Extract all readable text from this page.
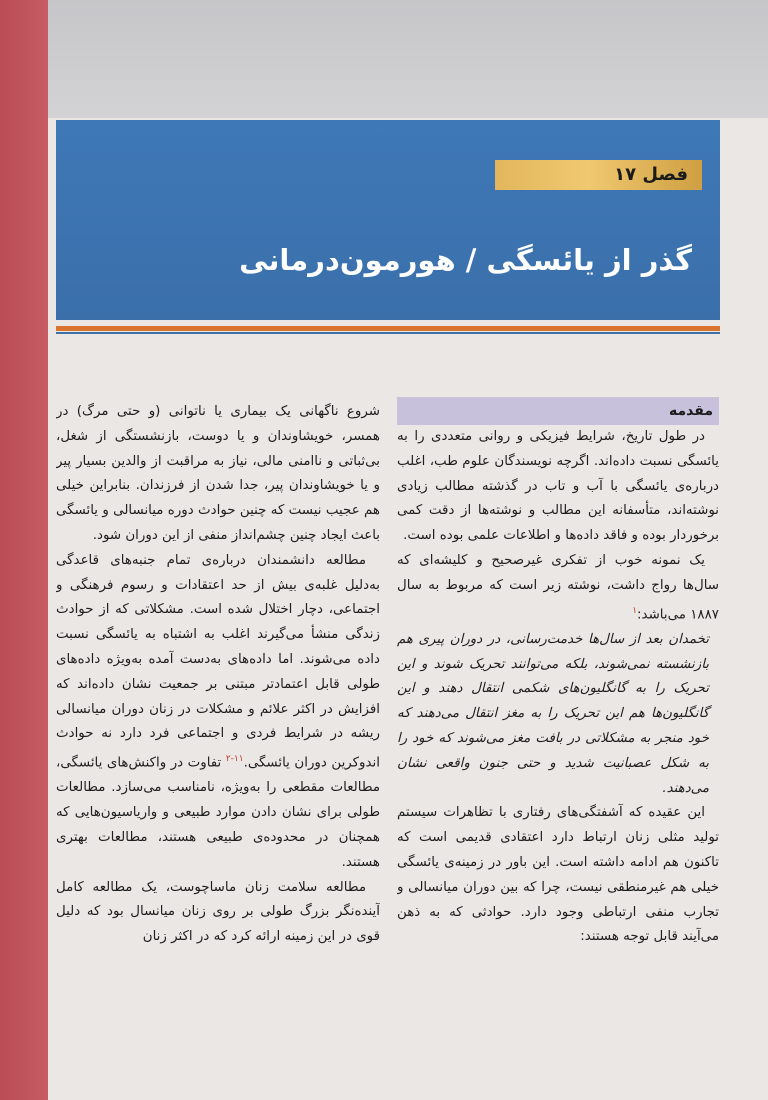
فصل ۱۷
گذر از یائسگی / هورمون‌درمانی
مقدمه

در طول تاریخ، شرایط فیزیکی و روانی متعددی را به یائسگی نسبت داده‌اند. اگرچه نویسندگان علوم طب، اغلب درباره‌ی یائسگی با آب و تاب در گذشته مطالب زیادی نوشته‌اند، متأسفانه این مطالب و نوشته‌ها از دقت کمی برخوردار بوده و فاقد داده‌ها و اطلاعات علمی بوده است.

یک نمونه خوب از تفکری غیرصحیح و کلیشه‌ای که سال‌ها رواج داشت، نوشته زیر است که مربوط به سال ۱۸۸۷ می‌باشد:$^۱$

تخمدان بعد از سال‌ها خدمت‌رسانی، در دوران پیری هم بازنشسته نمی‌شوند، بلکه می‌توانند تحریک شوند و این تحریک را به گانگلیون‌های شکمی انتقال دهند و این گانگلیون‌ها هم این تحریک را به مغز انتقال می‌دهند که خود منجر به مشکلاتی در بافت مغز می‌شوند که خود را به شکل عصبانیت شدید و حتی جنون واقعی نشان می‌دهند.

این عقیده که آشفتگی‌های رفتاری با تظاهرات سیستم تولید مثلی زنان ارتباط دارد اعتقادی قدیمی است که تاکنون هم ادامه داشته است. این باور در زمینه‌ی یائسگی خیلی هم غیرمنطقی نیست، چرا که بین دوران میانسالی و تجارب منفی ارتباطی وجود دارد. حوادثی که به ذهن می‌آیند قابل توجه هستند:

شروع ناگهانی یک بیماری یا ناتوانی (و حتی مرگ) در همسر، خویشاوندان و یا دوست، بازنشستگی از شغل، بی‌ثباتی و ناامنی مالی، نیاز به مراقبت از والدین بسیار پیر و یا خویشاوندان پیر، جدا شدن از فرزندان. بنابراین خیلی هم عجیب نیست که چنین حوادث دوره میانسالی و یائسگی باعث ایجاد چنین چشم‌انداز منفی از این دوران شود.

مطالعه دانشمندان درباره‌ی تمام جنبه‌های قاعدگی به‌دلیل غلبه‌ی بیش از حد اعتقادات و رسوم فرهنگی و اجتماعی، دچار اختلال شده است. مشکلاتی که از حوادث زندگی منشأ می‌گیرند اغلب به اشتباه به یائسگی نسبت داده می‌شوند. اما داده‌های به‌دست آمده به‌ویژه داده‌های طولی قابل اعتمادتر مبتنی بر جمعیت نشان داده‌اند که افزایش در اکثر علائم و مشکلات در زنان دوران میانسالی ریشه در شرایط فردی و اجتماعی فرد دارد نه حوادث اندوکرین دوران یائسگی.$^{۱۱-۲}$ تفاوت در واکنش‌های یائسگی، مطالعات مقطعی را به‌ویژه، نامناسب می‌سازد. مطالعات طولی برای نشان دادن موارد طبیعی و واریاسیون‌هایی که همچنان در محدوده‌ی طبیعی هستند، مطالعات بهتری هستند.

مطالعه سلامت زنان ماساچوست، یک مطالعه کامل آینده‌نگر بزرگ طولی بر روی زنان میانسال بود که دلیل قوی در این زمینه ارائه کرد که در اکثر زنان
